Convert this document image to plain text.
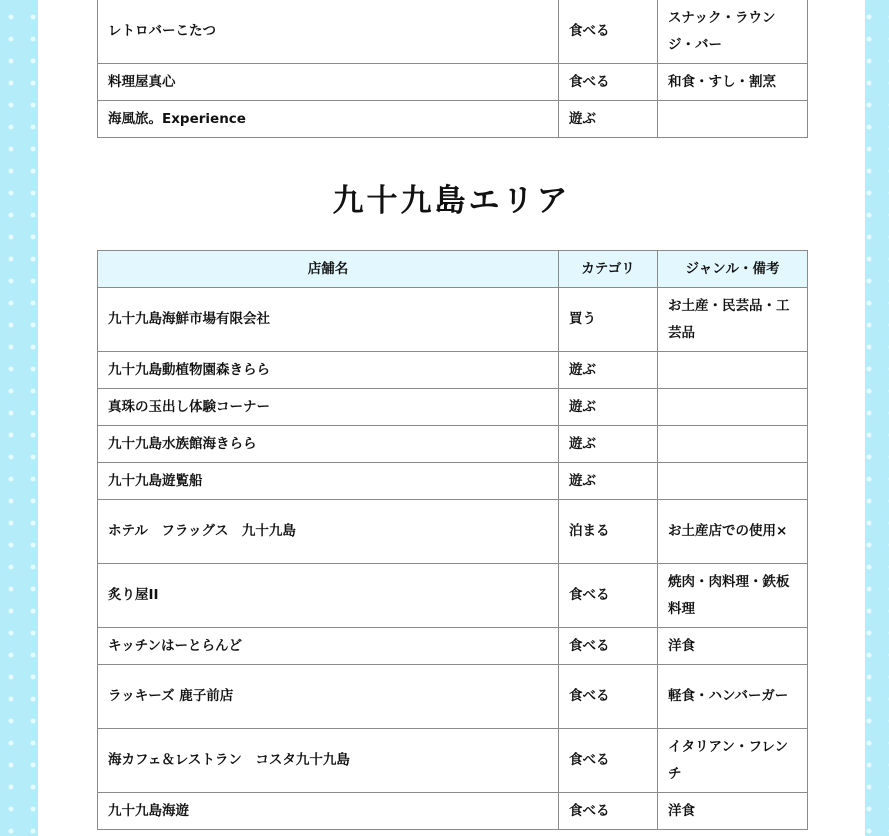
レトロバーこたつ	食べる	スナック・ラウンジ・バー
料理屋真心	食べる	和食・すし・割烹
海風旅。Experience	遊ぶ	
九十九島エリア
店舗名	カテゴリ	ジャンル・備考
九十九島海鮮市場有限会社	買う	お土産・民芸品・工芸品
九十九島動植物園森きらら	遊ぶ	
真珠の玉出し体験コーナー	遊ぶ	
九十九島水族館海きらら	遊ぶ	
九十九島遊覧船	遊ぶ	
ホテル　フラッグス　九十九島	泊まる	お土産店での使用×
炙り屋II	食べる	焼肉・肉料理・鉄板料理
キッチンはーとらんど	食べる	洋食
ラッキーズ 鹿子前店	食べる	軽食・ハンバーガー
海カフェ＆レストラン　コスタ九十九島	食べる	イタリアン・フレンチ
九十九島海遊	食べる	洋食
